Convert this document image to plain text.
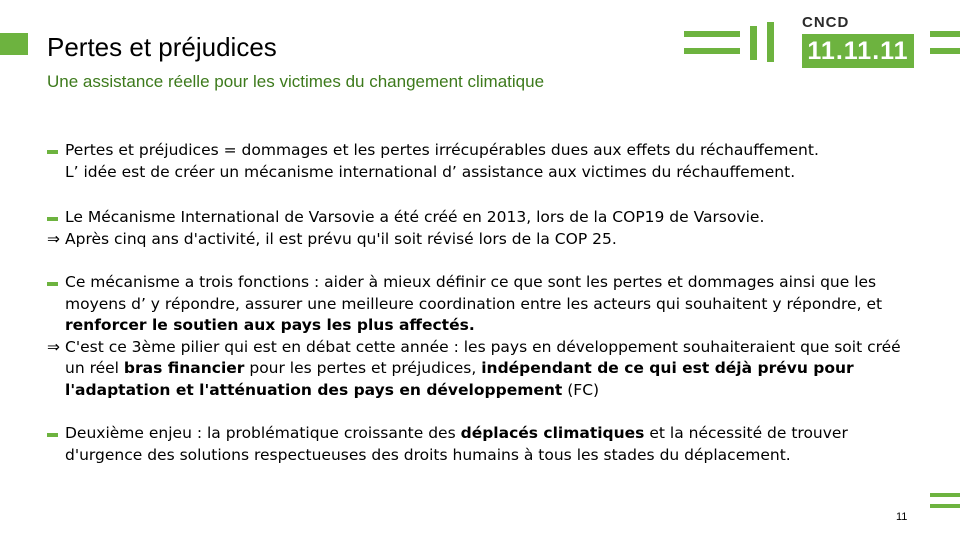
Pertes et préjudices
Une assistance réelle pour les victimes du changement climatique
CNCD
11.11.11

Pertes et préjudices = dommages et les pertes irrécupérables dues aux effets du réchauffement.
L’ idée est de créer un mécanisme international d’ assistance aux victimes du réchauffement.

Le Mécanisme International de Varsovie a été créé en 2013, lors de la COP19 de Varsovie.

⇒ Après cinq ans d'activité, il est prévu qu'il soit révisé lors de la COP 25.

Ce mécanisme a trois fonctions : aider à mieux définir ce que sont les pertes et dommages ainsi que les moyens d’ y répondre, assurer une meilleure coordination entre les acteurs qui souhaitent y répondre, et renforcer le soutien aux pays les plus affectés.

⇒ C'est ce 3ème pilier qui est en débat cette année : les pays en développement souhaiteraient que soit créé un réel bras financier pour les pertes et préjudices, indépendant de ce qui est déjà prévu pour l'adaptation et l'atténuation des pays en développement (FC)

Deuxième enjeu : la problématique croissante des déplacés climatiques et la nécessité de trouver d'urgence des solutions respectueuses des droits humains à tous les stades du déplacement.

11
